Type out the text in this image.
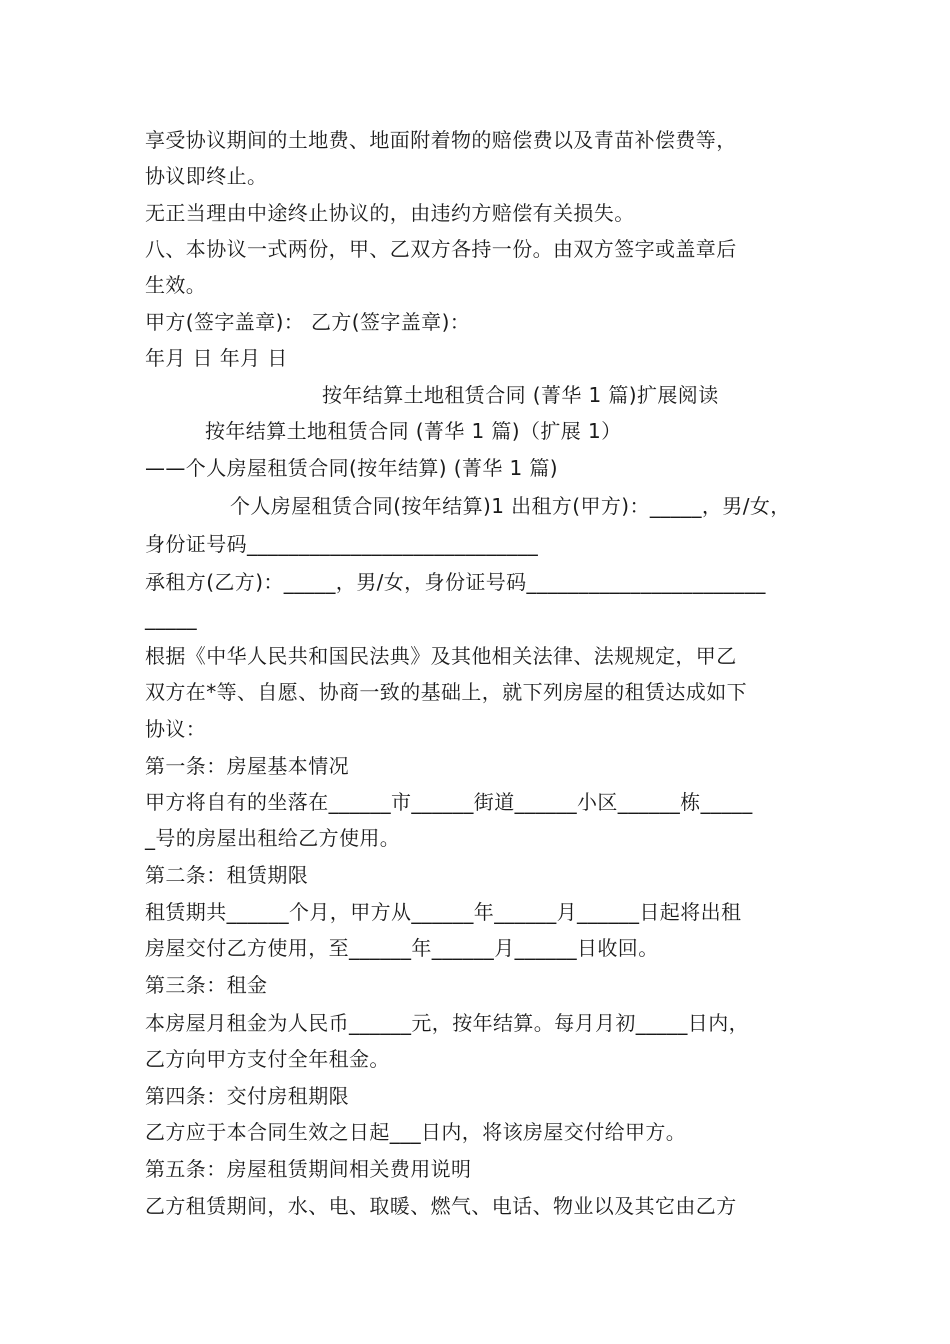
享受协议期间的土地费、地面附着物的赔偿费以及青苗补偿费等，
协议即终止。
无正当理由中途终止协议的，由违约方赔偿有关损失。
八、本协议一式两份，甲、乙双方各持一份。由双方签字或盖章后
生效。
甲方(签字盖章)： 乙方(签字盖章)：
年月 日 年月 日
按年结算土地租赁合同 (菁华 1 篇)扩展阅读
按年结算土地租赁合同 (菁华 1 篇)（扩展 1）
——个人房屋租赁合同(按年结算) (菁华 1 篇)
个人房屋租赁合同(按年结算)1 出租方(甲方)：_____，男/女，
身份证号码____________________________
承租方(乙方)：_____，男/女，身份证号码_______________________
_____
根据《中华人民共和国民法典》及其他相关法律、法规规定，甲乙
双方在*等、自愿、协商一致的基础上，就下列房屋的租赁达成如下
协议：
第一条：房屋基本情况
甲方将自有的坐落在______市______街道______小区______栋_____
_号的房屋出租给乙方使用。
第二条：租赁期限
租赁期共______个月，甲方从______年______月______日起将出租
房屋交付乙方使用，至______年______月______日收回。
第三条：租金
本房屋月租金为人民币______元，按年结算。每月月初_____日内，
乙方向甲方支付全年租金。
第四条：交付房租期限
乙方应于本合同生效之日起___日内，将该房屋交付给甲方。
第五条：房屋租赁期间相关费用说明
乙方租赁期间，水、电、取暖、燃气、电话、物业以及其它由乙方
